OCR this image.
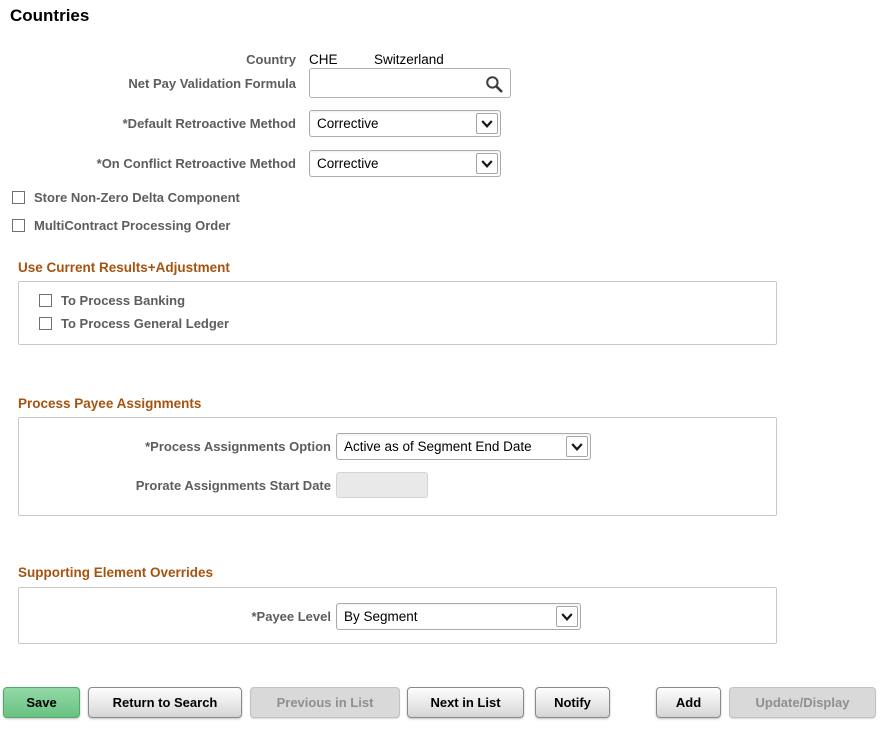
Countries
Country CHE	Switzerland
Net Pay Validation Formula
*Default Retroactive Method Corrective
*On Conflict Retroactive Method Corrective
Store Non-Zero Delta Component
MultiContract Processing Order
Use Current Results+Adjustment
To Process Banking
To Process General Ledger
Process Payee Assignments
*Process Assignments Option Active as of Segment End Date
Prorate Assignments Start Date
Supporting Element Overrides
*Payee Level By Segment
Save	Return to Search	Previous in List	Next in List	Notify	Add	Update/Display
